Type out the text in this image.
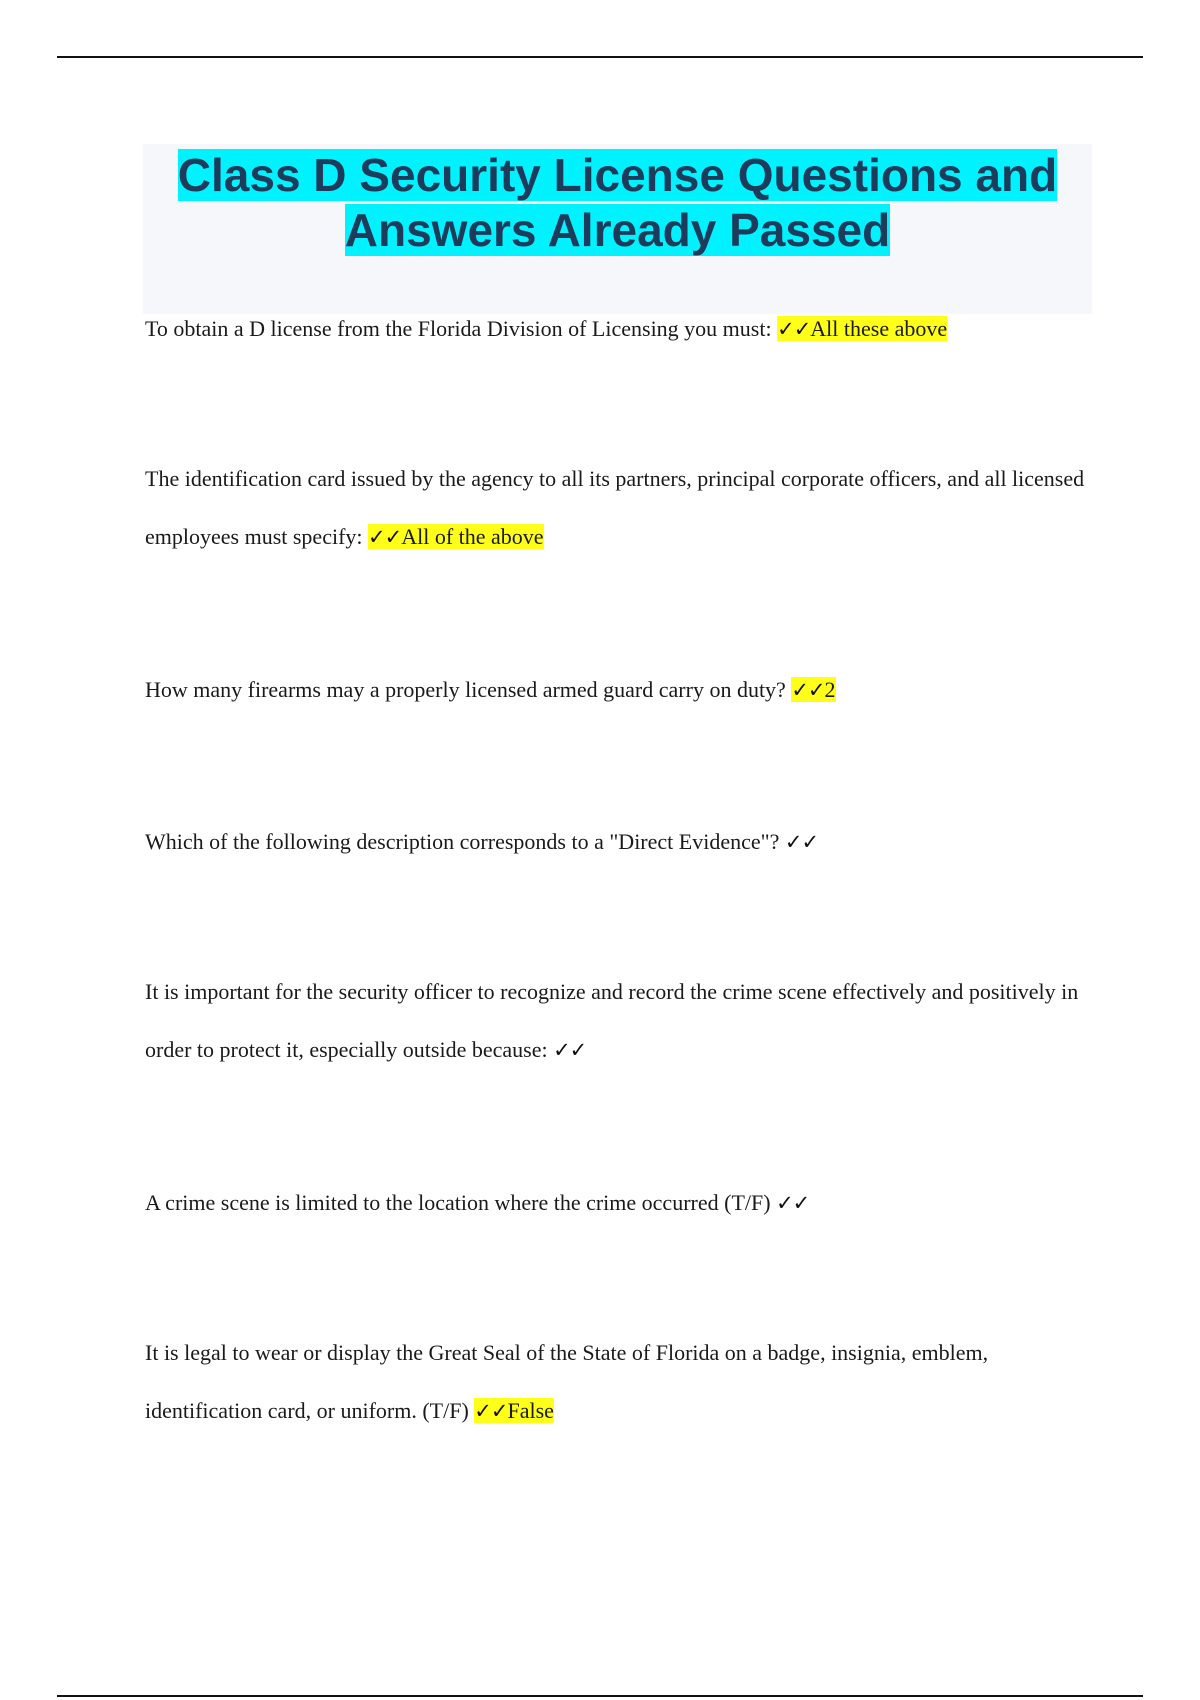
Class D Security License Questions and
Answers Already Passed

To obtain a D license from the Florida Division of Licensing you must: ✓✓All these above
The identification card issued by the agency to all its partners, principal corporate officers, and all licensed employees must specify: ✓✓All of the above
How many firearms may a properly licensed armed guard carry on duty? ✓✓2
Which of the following description corresponds to a "Direct Evidence"? ✓✓
It is important for the security officer to recognize and record the crime scene effectively and positively in order to protect it, especially outside because: ✓✓
A crime scene is limited to the location where the crime occurred (T/F) ✓✓
It is legal to wear or display the Great Seal of the State of Florida on a badge, insignia, emblem, identification card, or uniform. (T/F) ✓✓False
